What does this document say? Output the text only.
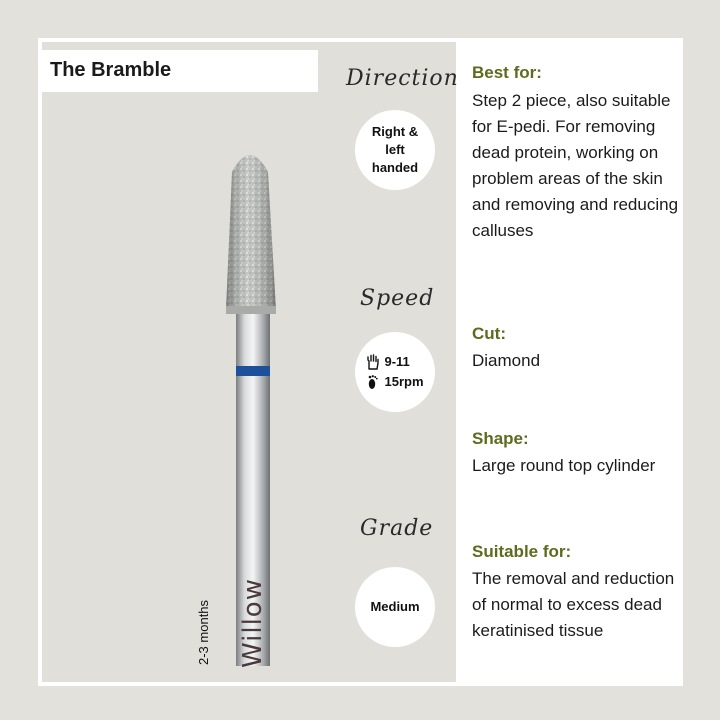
The Bramble	Direction
Right & left handed
Speed
9-11
15rpm
Grade
Medium
2-3 months Willow
Best for:
Step 2 piece, also suitable for E-pedi. For removing dead protein, working on problem areas of the skin and removing and reducing calluses
Cut:
Diamond
Shape:
Large round top cylinder
Suitable for:
The removal and reduction of normal to excess dead keratinised tissue
